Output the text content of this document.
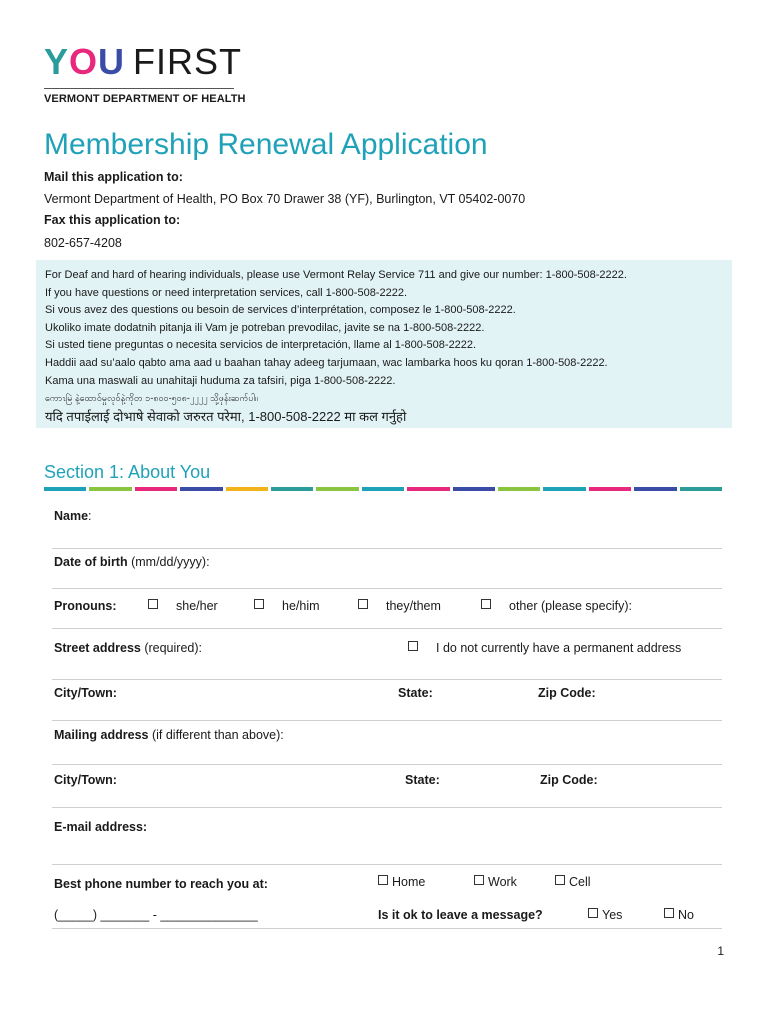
YOU FIRST
VERMONT DEPARTMENT OF HEALTH
Membership Renewal Application
Mail this application to:
Vermont Department of Health, PO Box 70 Drawer 38 (YF), Burlington, VT 05402-0070
Fax this application to:
802-657-4208
For Deaf and hard of hearing individuals, please use Vermont Relay Service 711 and give our number: 1-800-508-2222.
If you have questions or need interpretation services, call 1-800-508-2222.
Si vous avez des questions ou besoin de services d’interprétation, composez le 1-800-508-2222.
Ukoliko imate dodatnih pitanja ili Vam je potreban prevodilac, javite se na 1-800-508-2222.
Si usted tiene preguntas o necesita servicios de interpretación, llame al 1-800-508-2222.
Haddii aad su’aalo qabto ama aad u baahan tahay adeeg tarjumaan, wac lambarka hoos ku qoran 1-800-508-2222.
Kama una maswali au unahitaji huduma za tafsiri, piga 1-800-508-2222.
ကောၤမြဲ နဲ့ထောဝ်မှုလုဝ်နဲ့ကိုတ ၁-၈၀၀-၅၀၈-၂၂၂၂ သို့ဖုန်းဆက်ပါ။
यदि तपाईलाई दोभाषे सेवाको जरुरत परेमा, 1-800-508-2222 मा कल गर्नुहो
Section 1: About You
Name:
Date of birth (mm/dd/yyyy):
Pronouns:	she/her	he/him	they/them	other (please specify):
Street address (required):	I do not currently have a permanent address
City/Town:	State:	Zip Code:
Mailing address (if different than above):
City/Town:	State:	Zip Code:
E-mail address:
Best phone number to reach you at:	Home	Work	Cell
(_____) _______ - ______________	Is it ok to leave a message?	Yes	No
1
